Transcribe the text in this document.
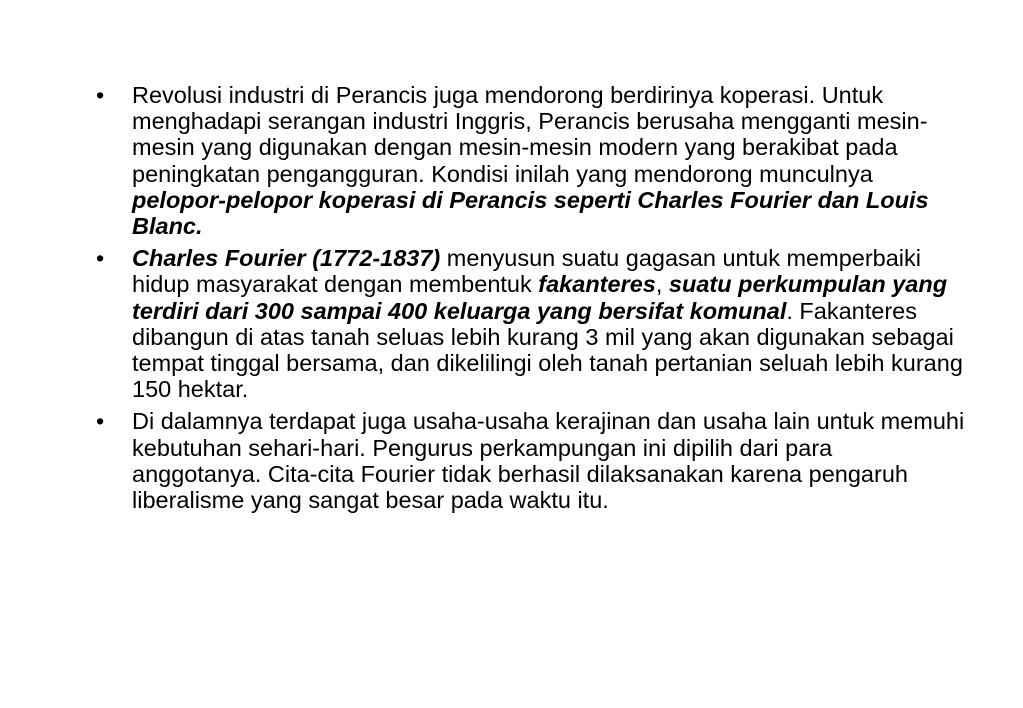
•	Revolusi industri di Perancis juga mendorong berdirinya koperasi. Untuk menghadapi serangan industri Inggris, Perancis berusaha mengganti mesin-mesin yang digunakan dengan mesin-mesin modern yang berakibat pada peningkatan pengangguran. Kondisi inilah yang mendorong munculnya pelopor-pelopor koperasi di Perancis seperti Charles Fourier dan Louis Blanc.
•	Charles Fourier (1772-1837) menyusun suatu gagasan untuk memperbaiki hidup masyarakat dengan membentuk fakanteres, suatu perkumpulan yang terdiri dari 300 sampai 400 keluarga yang bersifat komunal. Fakanteres dibangun di atas tanah seluas lebih kurang 3 mil yang akan digunakan sebagai tempat tinggal bersama, dan dikelilingi oleh tanah pertanian seluah lebih kurang 150 hektar.
•	Di dalamnya terdapat juga usaha-usaha kerajinan dan usaha lain untuk memuhi kebutuhan sehari-hari. Pengurus perkampungan ini dipilih dari para anggotanya. Cita-cita Fourier tidak berhasil dilaksanakan karena pengaruh liberalisme yang sangat besar pada waktu itu.
